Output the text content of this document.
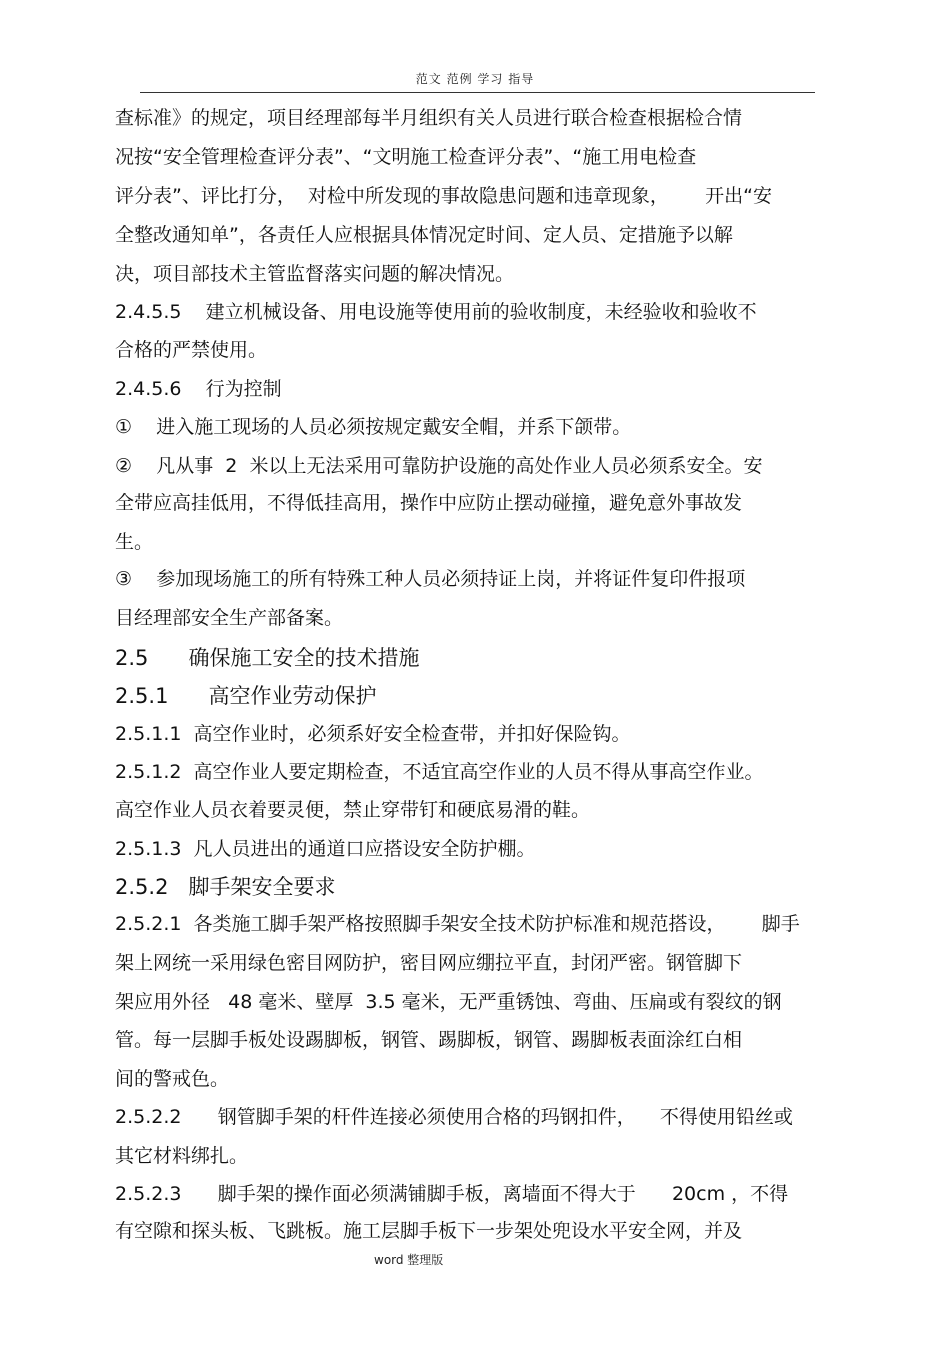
范文 范例 学习 指导
查标准》的规定，项目经理部每半月组织有关人员进行联合检查根据检合情
况按“安全管理检查评分表”、“文明施工检查评分表”、“施工用电检查
评分表”、评比打分，  对检中所发现的事故隐患问题和违章现象，      开出“安
全整改通知单”，各责任人应根据具体情况定时间、定人员、定措施予以解
决，项目部技术主管监督落实问题的解决情况。
2.4.5.5    建立机械设备、用电设施等使用前的验收制度，未经验收和验收不
合格的严禁使用。
2.4.5.6    行为控制
①    进入施工现场的人员必须按规定戴安全帽，并系下颌带。
②    凡从事  2  米以上无法采用可靠防护设施的高处作业人员必须系安全。安
全带应高挂低用，不得低挂高用，操作中应防止摆动碰撞，避免意外事故发
生。
③    参加现场施工的所有特殊工种人员必须持证上岗，并将证件复印件报项
目经理部安全生产部备案。
2.5      确保施工安全的技术措施
2.5.1      高空作业劳动保护
2.5.1.1  高空作业时，必须系好安全检查带，并扣好保险钩。
2.5.1.2  高空作业人要定期检查，不适宜高空作业的人员不得从事高空作业。
高空作业人员衣着要灵便，禁止穿带钉和硬底易滑的鞋。
2.5.1.3  凡人员进出的通道口应搭设安全防护棚。
2.5.2   脚手架安全要求
2.5.2.1  各类施工脚手架严格按照脚手架安全技术防护标准和规范搭设，      脚手
架上网统一采用绿色密目网防护，密目网应绷拉平直，封闭严密。钢管脚下
架应用外径   48 毫米、壁厚  3.5 毫米，无严重锈蚀、弯曲、压扁或有裂纹的钢
管。每一层脚手板处设踢脚板，钢管、踢脚板，钢管、踢脚板表面涂红白相
间的警戒色。
2.5.2.2      钢管脚手架的杆件连接必须使用合格的玛钢扣件，    不得使用铅丝或
其它材料绑扎。
2.5.2.3      脚手架的操作面必须满铺脚手板，离墙面不得大于      20cm ，不得
有空隙和探头板、飞跳板。施工层脚手板下一步架处兜设水平安全网，并及
word 整理版
